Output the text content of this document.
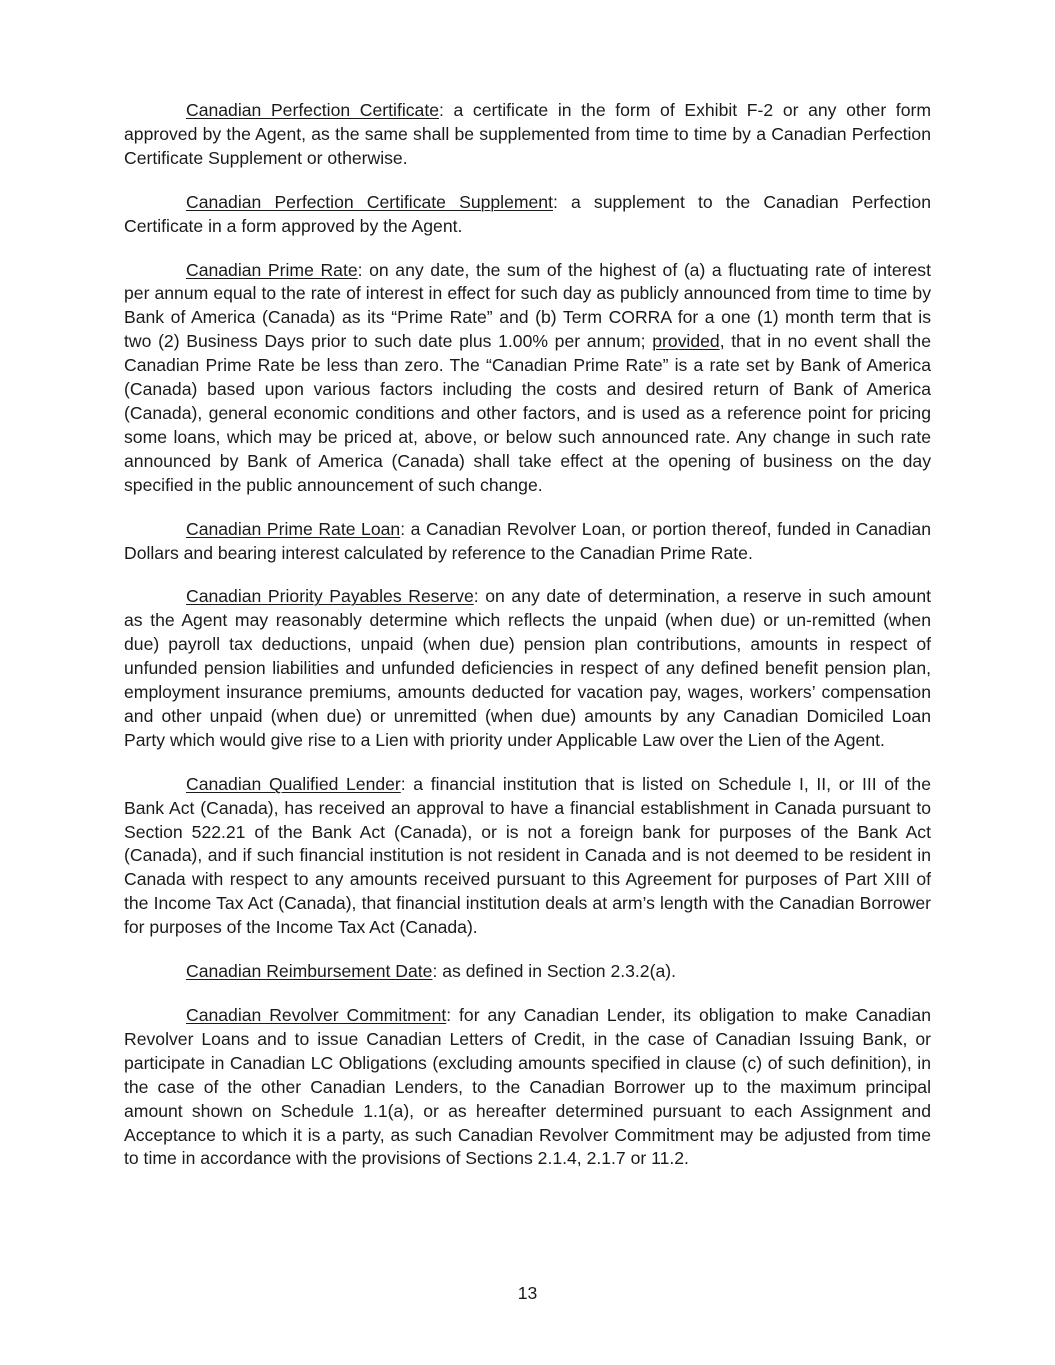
Canadian Perfection Certificate: a certificate in the form of Exhibit F-2 or any other form approved by the Agent, as the same shall be supplemented from time to time by a Canadian Perfection Certificate Supplement or otherwise.

Canadian Perfection Certificate Supplement: a supplement to the Canadian Perfection Certificate in a form approved by the Agent.

Canadian Prime Rate: on any date, the sum of the highest of (a) a fluctuating rate of interest per annum equal to the rate of interest in effect for such day as publicly announced from time to time by Bank of America (Canada) as its “Prime Rate” and (b) Term CORRA for a one (1) month term that is two (2) Business Days prior to such date plus 1.00% per annum; provided, that in no event shall the Canadian Prime Rate be less than zero. The “Canadian Prime Rate” is a rate set by Bank of America (Canada) based upon various factors including the costs and desired return of Bank of America (Canada), general economic conditions and other factors, and is used as a reference point for pricing some loans, which may be priced at, above, or below such announced rate. Any change in such rate announced by Bank of America (Canada) shall take effect at the opening of business on the day specified in the public announcement of such change.

Canadian Prime Rate Loan: a Canadian Revolver Loan, or portion thereof, funded in Canadian Dollars and bearing interest calculated by reference to the Canadian Prime Rate.

Canadian Priority Payables Reserve: on any date of determination, a reserve in such amount as the Agent may reasonably determine which reflects the unpaid (when due) or un-remitted (when due) payroll tax deductions, unpaid (when due) pension plan contributions, amounts in respect of unfunded pension liabilities and unfunded deficiencies in respect of any defined benefit pension plan, employment insurance premiums, amounts deducted for vacation pay, wages, workers’ compensation and other unpaid (when due) or unremitted (when due) amounts by any Canadian Domiciled Loan Party which would give rise to a Lien with priority under Applicable Law over the Lien of the Agent.

Canadian Qualified Lender: a financial institution that is listed on Schedule I, II, or III of the Bank Act (Canada), has received an approval to have a financial establishment in Canada pursuant to Section 522.21 of the Bank Act (Canada), or is not a foreign bank for purposes of the Bank Act (Canada), and if such financial institution is not resident in Canada and is not deemed to be resident in Canada with respect to any amounts received pursuant to this Agreement for purposes of Part XIII of the Income Tax Act (Canada), that financial institution deals at arm’s length with the Canadian Borrower for purposes of the Income Tax Act (Canada).

Canadian Reimbursement Date: as defined in Section 2.3.2(a).

Canadian Revolver Commitment: for any Canadian Lender, its obligation to make Canadian Revolver Loans and to issue Canadian Letters of Credit, in the case of Canadian Issuing Bank, or participate in Canadian LC Obligations (excluding amounts specified in clause (c) of such definition), in the case of the other Canadian Lenders, to the Canadian Borrower up to the maximum principal amount shown on Schedule 1.1(a), or as hereafter determined pursuant to each Assignment and Acceptance to which it is a party, as such Canadian Revolver Commitment may be adjusted from time to time in accordance with the provisions of Sections 2.1.4, 2.1.7 or 11.2.

13
